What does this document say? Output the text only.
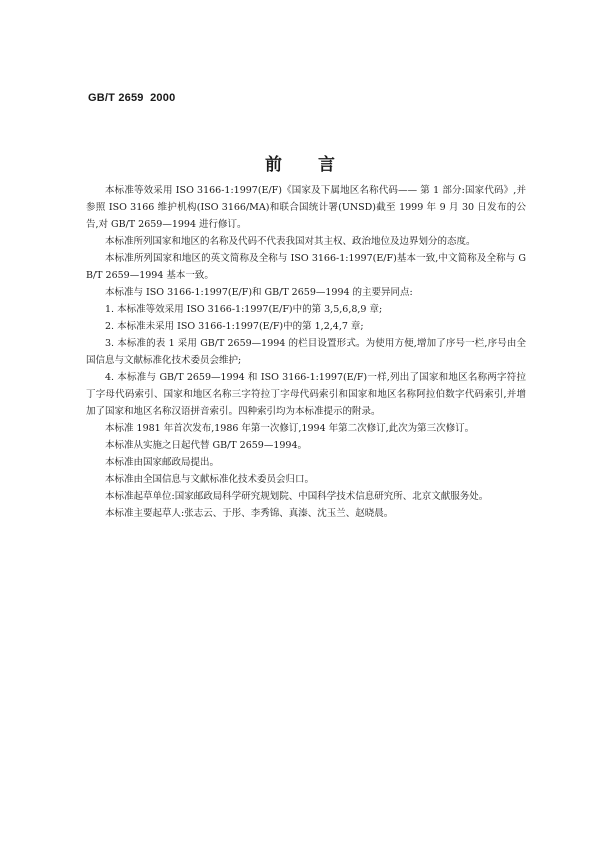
GB/T 2659  2000
前言

本标准等效采用 ISO 3166-1:1997(E/F)《国家及下属地区名称代码—— 第 1 部分:国家代码》,并参照 ISO 3166 维护机构(ISO 3166/MA)和联合国统计署(UNSD)截至 1999 年 9 月 30 日发布的公告,对 GB/T 2659—1994 进行修订。

本标准所列国家和地区的名称及代码不代表我国对其主权、政治地位及边界划分的态度。

本标准所列国家和地区的英文简称及全称与 ISO 3166-1:1997(E/F)基本一致,中文简称及全称与 GB/T 2659—1994 基本一致。

本标准与 ISO 3166-1:1997(E/F)和 GB/T 2659—1994 的主要异同点:

1. 本标准等效采用 ISO 3166-1:1997(E/F)中的第 3,5,6,8,9 章;

2. 本标准未采用 ISO 3166-1:1997(E/F)中的第 1,2,4,7 章;

3. 本标准的表 1 采用 GB/T 2659—1994 的栏目设置形式。为使用方便,增加了序号一栏,序号由全国信息与文献标准化技术委员会维护;

4. 本标准与 GB/T 2659—1994 和 ISO 3166-1:1997(E/F)一样,列出了国家和地区名称两字符拉丁字母代码索引、国家和地区名称三字符拉丁字母代码索引和国家和地区名称阿拉伯数字代码索引,并增加了国家和地区名称汉语拼音索引。四种索引均为本标准提示的附录。

本标准 1981 年首次发布,1986 年第一次修订,1994 年第二次修订,此次为第三次修订。

本标准从实施之日起代替 GB/T 2659—1994。

本标准由国家邮政局提出。

本标准由全国信息与文献标准化技术委员会归口。

本标准起草单位:国家邮政局科学研究规划院、中国科学技术信息研究所、北京文献服务处。

本标准主要起草人:张志云、于彤、李秀锦、真溱、沈玉兰、赵晓晨。
